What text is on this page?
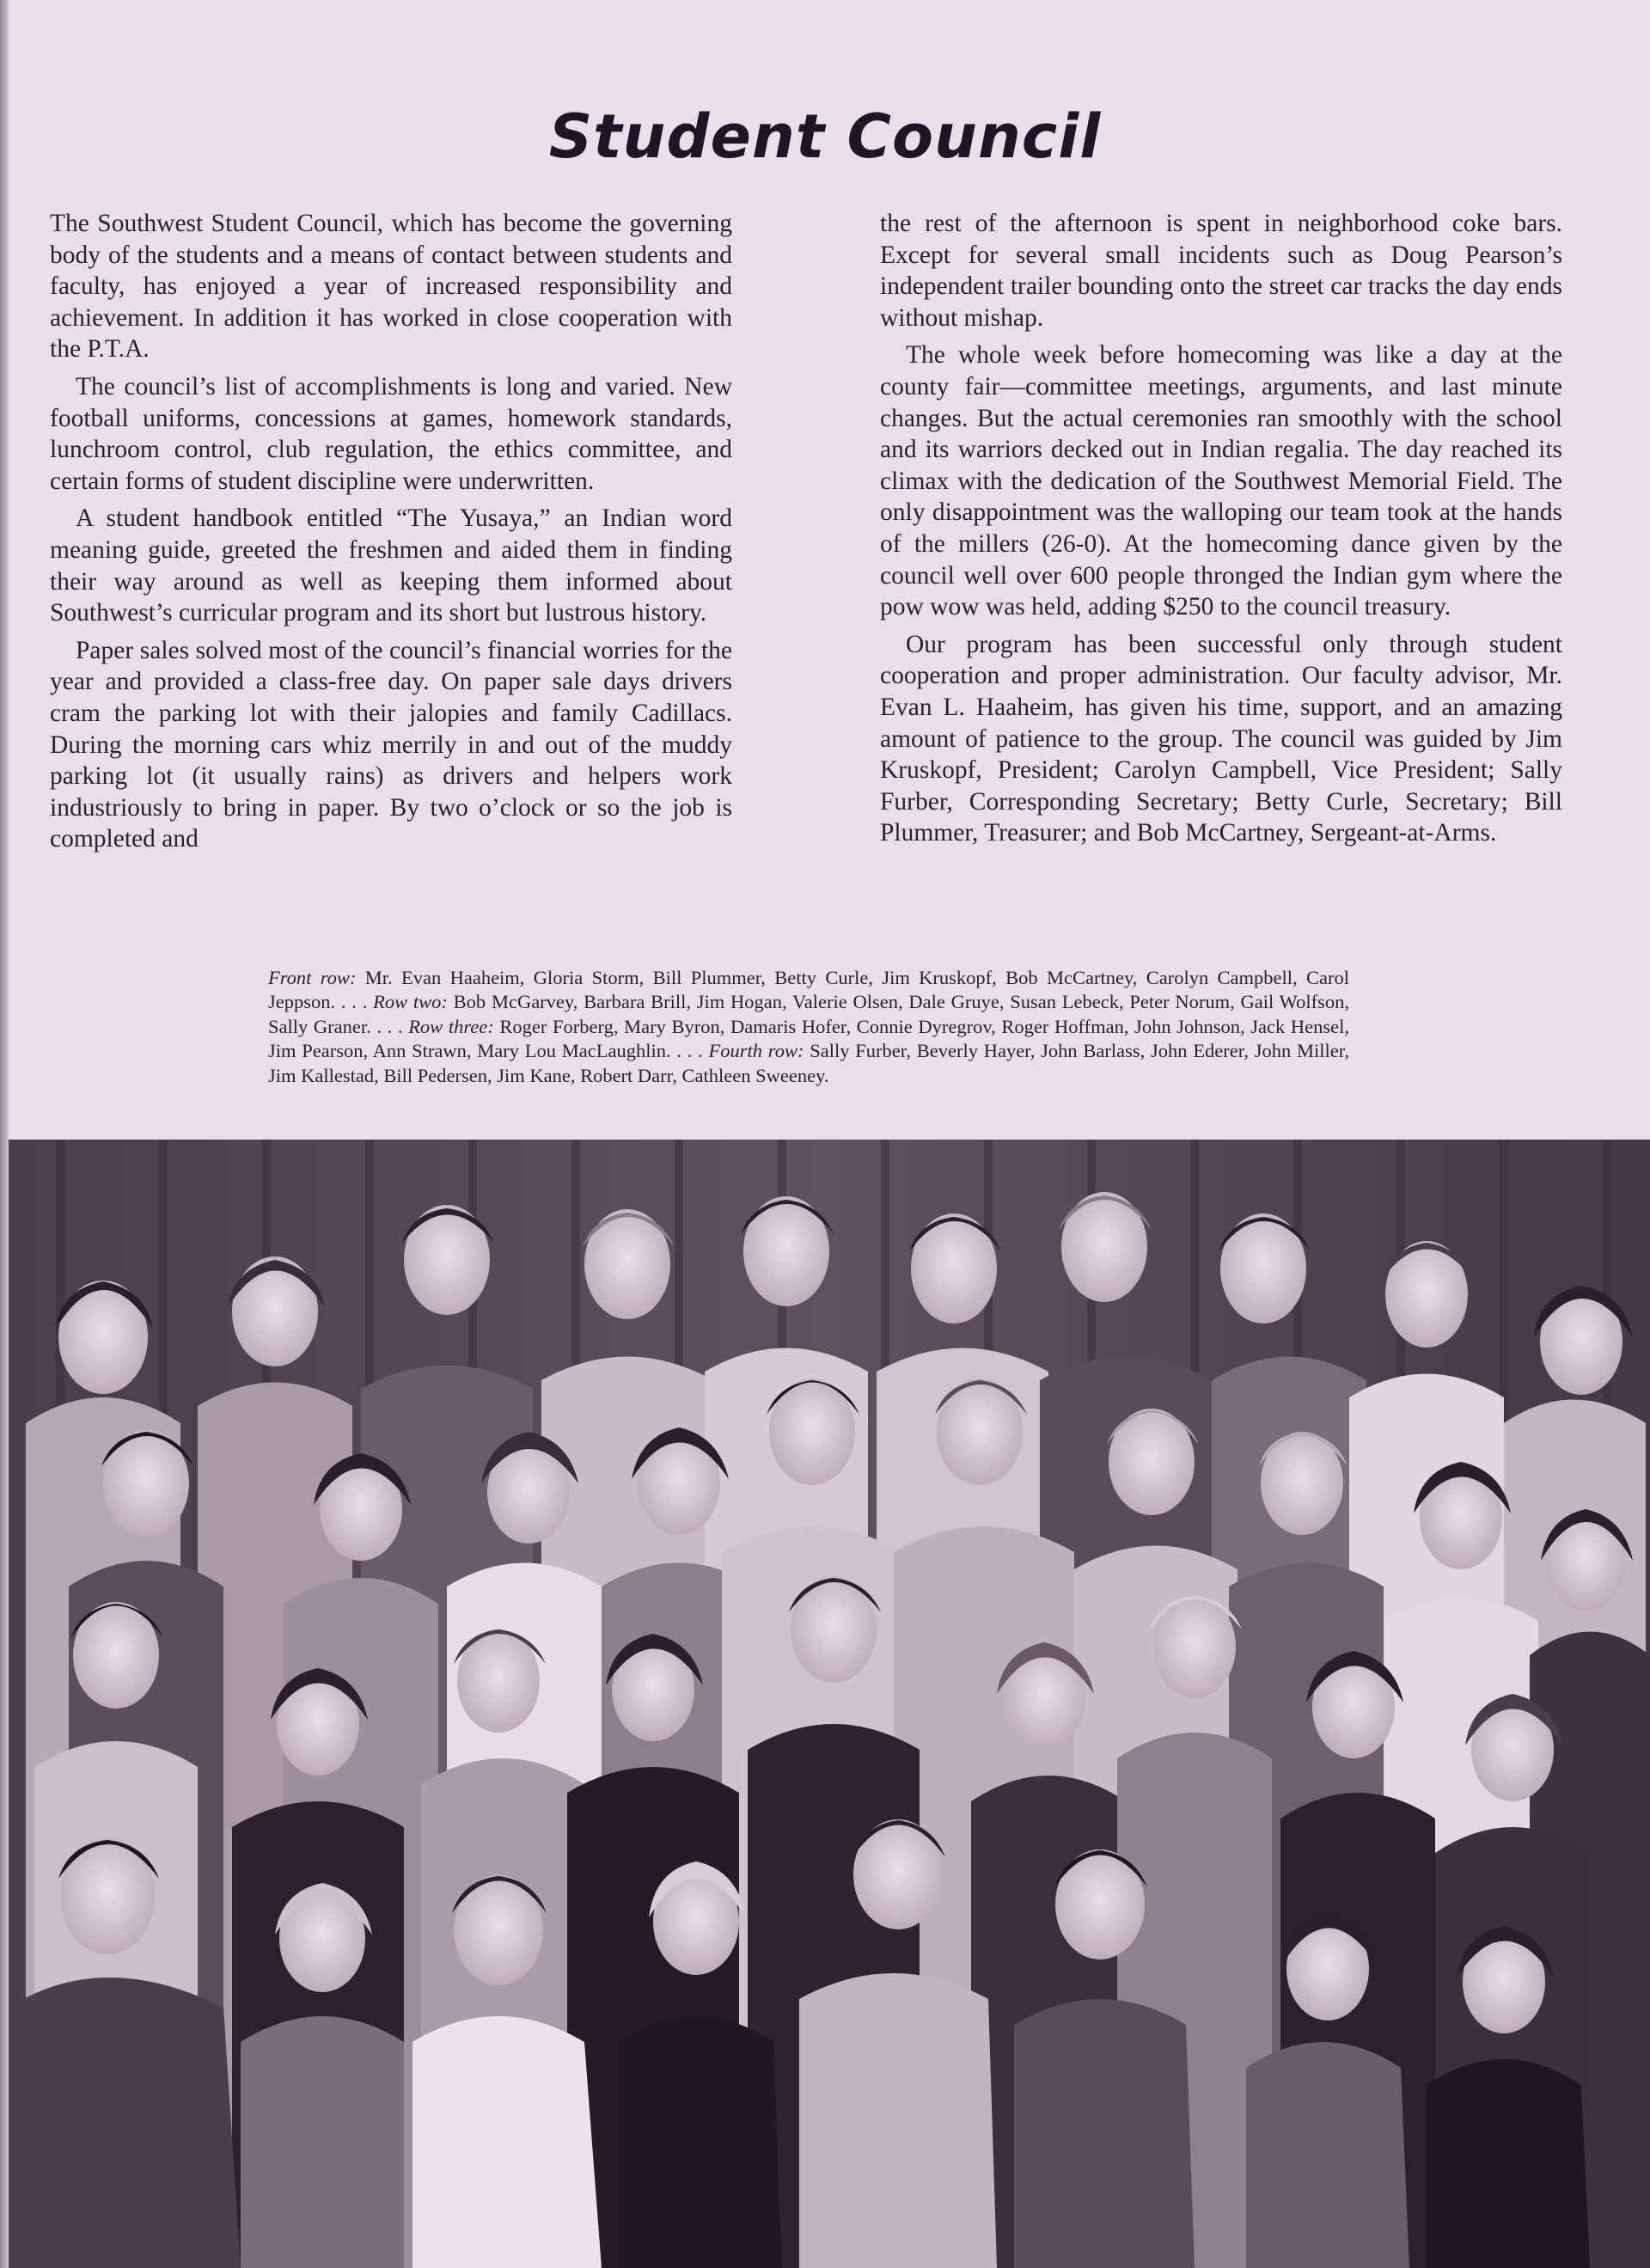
Student Council

The Southwest Student Council, which has become the governing body of the students and a means of contact between students and faculty, has enjoyed a year of increased responsibility and achievement. In addition it has worked in close cooperation with the P.T.A.

The council’s list of accomplishments is long and varied. New football uniforms, concessions at games, homework standards, lunchroom control, club regulation, the ethics committee, and certain forms of student discipline were underwritten.

A student handbook entitled “The Yusaya,” an Indian word meaning guide, greeted the freshmen and aided them in finding their way around as well as keeping them informed about Southwest’s curricular program and its short but lustrous history.

Paper sales solved most of the council’s financial worries for the year and provided a class-free day. On paper sale days drivers cram the parking lot with their jalopies and family Cadillacs. During the morning cars whiz merrily in and out of the muddy parking lot (it usually rains) as drivers and helpers work industriously to bring in paper. By two o’clock or so the job is completed and

the rest of the afternoon is spent in neighborhood coke bars. Except for several small incidents such as Doug Pearson’s independent trailer bounding onto the street car tracks the day ends without mishap.

The whole week before homecoming was like a day at the county fair—committee meetings, arguments, and last minute changes. But the actual ceremonies ran smoothly with the school and its warriors decked out in Indian regalia. The day reached its climax with the dedication of the Southwest Memorial Field. The only disappointment was the walloping our team took at the hands of the millers (26-0). At the homecoming dance given by the council well over 600 people thronged the Indian gym where the pow wow was held, adding $250 to the council treasury.

Our program has been successful only through student cooperation and proper administration. Our faculty advisor, Mr. Evan L. Haaheim, has given his time, support, and an amazing amount of patience to the group. The council was guided by Jim Kruskopf, President; Carolyn Campbell, Vice President; Sally Furber, Corresponding Secretary; Betty Curle, Secretary; Bill Plummer, Treasurer; and Bob McCartney, Sergeant-at-Arms.

Front row: Mr. Evan Haaheim, Gloria Storm, Bill Plummer, Betty Curle, Jim Kruskopf, Bob McCartney, Carolyn Campbell, Carol Jeppson. . . . Row two: Bob McGarvey, Barbara Brill, Jim Hogan, Valerie Olsen, Dale Gruye, Susan Lebeck, Peter Norum, Gail Wolfson, Sally Graner. . . . Row three: Roger Forberg, Mary Byron, Damaris Hofer, Connie Dyregrov, Roger Hoffman, John Johnson, Jack Hensel, Jim Pearson, Ann Strawn, Mary Lou MacLaughlin. . . . Fourth row: Sally Furber, Beverly Hayer, John Barlass, John Ederer, John Miller, Jim Kallestad, Bill Pedersen, Jim Kane, Robert Darr, Cathleen Sweeney.
